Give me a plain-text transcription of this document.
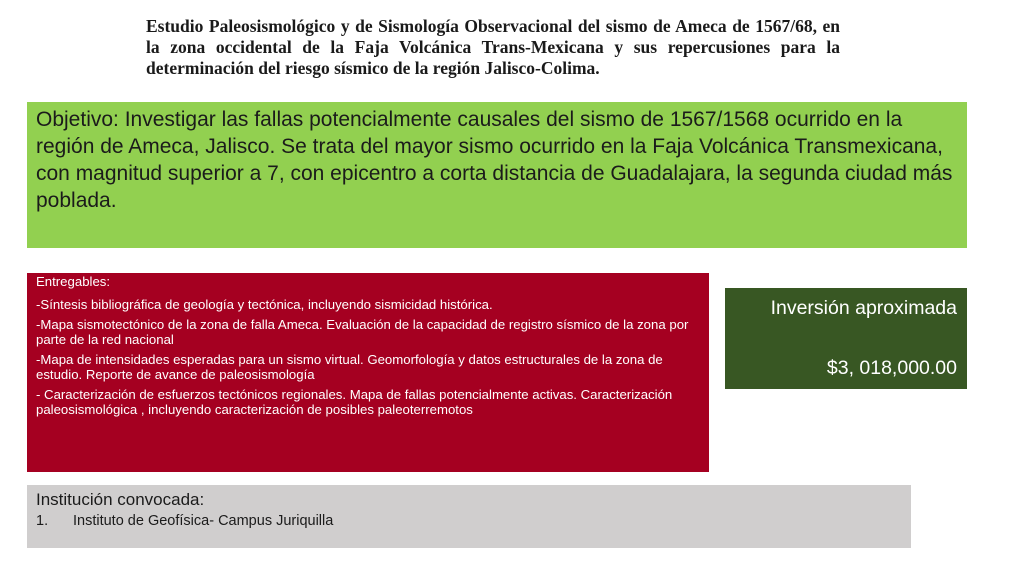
Estudio Paleosismológico y de Sismología Observacional del sismo de Ameca de 1567/68, en la zona occidental de la Faja Volcánica Trans-Mexicana y sus repercusiones para la determinación del riesgo sísmico de la región Jalisco-Colima.
Objetivo: Investigar las fallas potencialmente causales del sismo de 1567/1568 ocurrido en la región de Ameca, Jalisco. Se trata del mayor sismo ocurrido en la Faja Volcánica Transmexicana, con magnitud superior a 7, con epicentro a corta distancia de Guadalajara, la segunda ciudad más poblada.
Entregables:
-Síntesis bibliográfica de geología y tectónica, incluyendo sismicidad histórica.
-Mapa sismotectónico de la zona de falla Ameca. Evaluación de la capacidad de registro sísmico de la zona por parte de la red nacional
-Mapa de intensidades esperadas para un sismo virtual. Geomorfología y datos estructurales de la zona de estudio. Reporte de avance de paleosismología
- Caracterización de esfuerzos tectónicos regionales. Mapa de fallas potencialmente activas. Caracterización paleosismológica , incluyendo caracterización de posibles paleoterremotos
Inversión aproximada
$3, 018,000.00
Institución convocada:
1.	Instituto de Geofísica- Campus Juriquilla
